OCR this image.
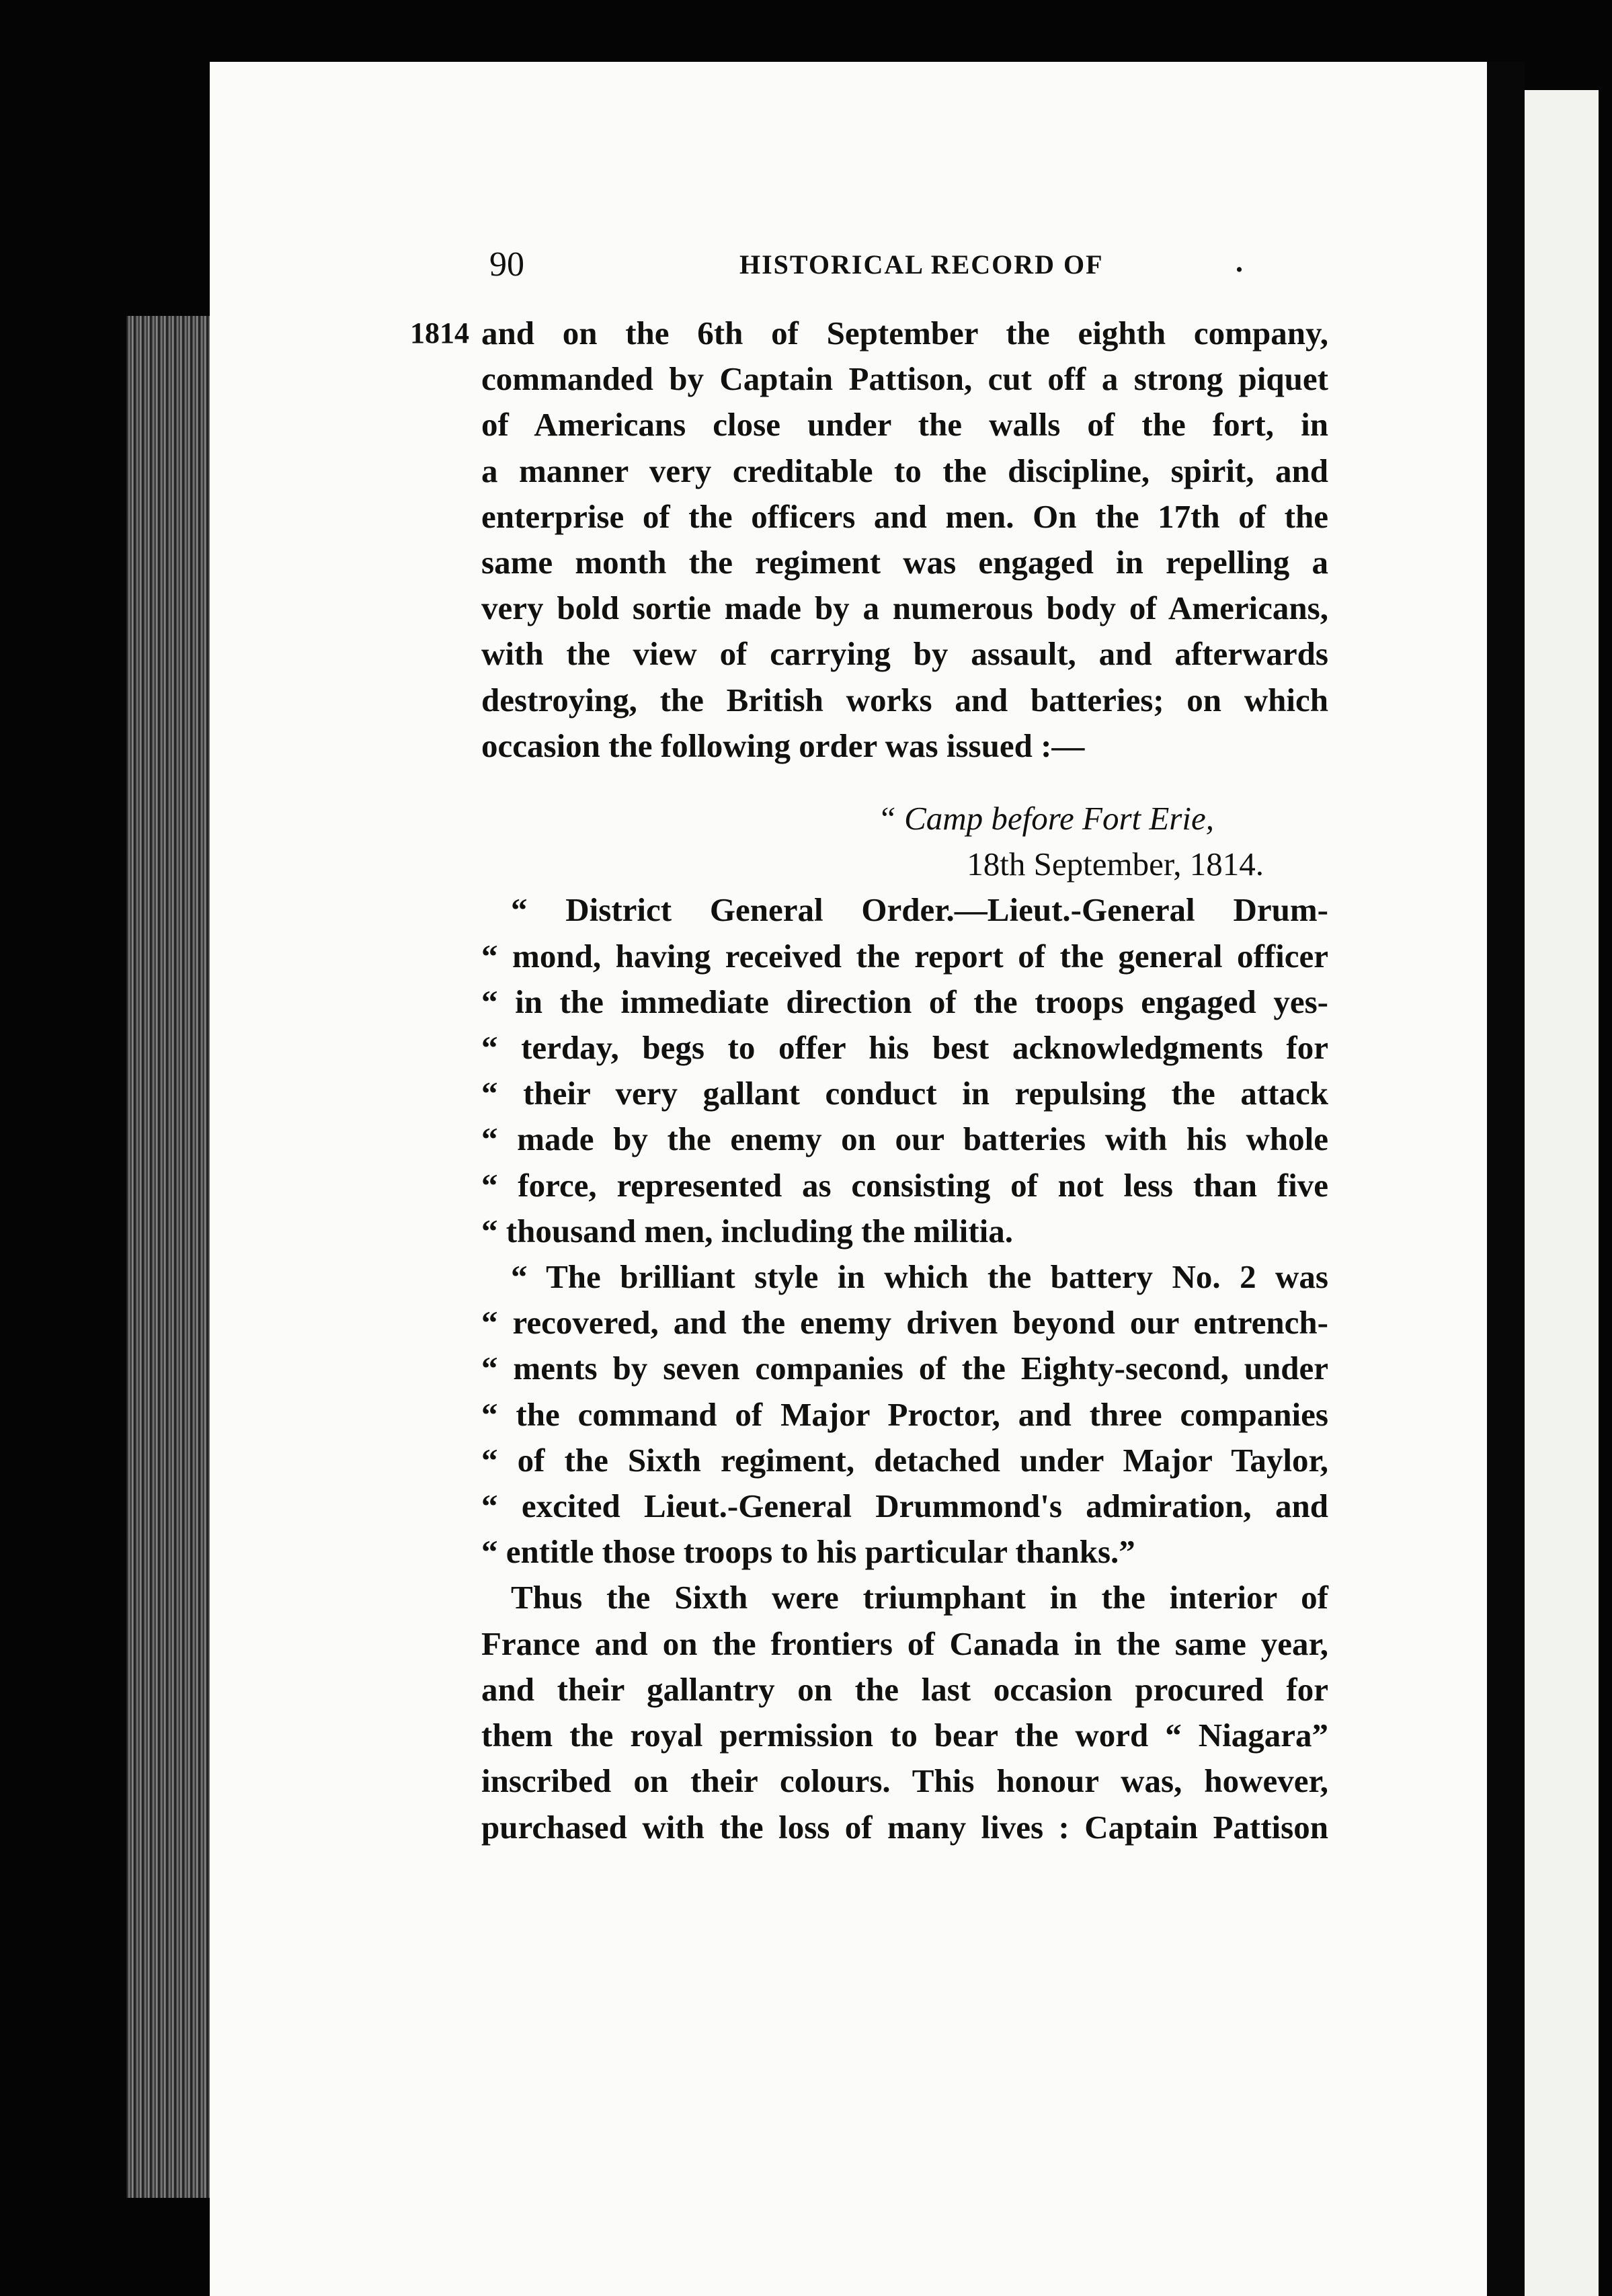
90	HISTORICAL RECORD OF	.
1814 and on the 6th of September the eighth company,
commanded by Captain Pattison, cut off a strong piquet
of Americans close under the walls of the fort, in
a manner very creditable to the discipline, spirit, and
enterprise of the officers and men. On the 17th of the
same month the regiment was engaged in repelling a
very bold sortie made by a numerous body of Americans,
with the view of carrying by assault, and afterwards
destroying, the British works and batteries; on which
occasion the following order was issued :—
“ Camp before Fort Erie,
18th September, 1814.
“ District General Order.—Lieut.-General Drum-
“ mond, having received the report of the general officer
“ in the immediate direction of the troops engaged yes-
“ terday, begs to offer his best acknowledgments for
“ their very gallant conduct in repulsing the attack
“ made by the enemy on our batteries with his whole
“ force, represented as consisting of not less than five
“ thousand men, including the militia.
“ The brilliant style in which the battery No. 2 was
“ recovered, and the enemy driven beyond our entrench-
“ ments by seven companies of the Eighty-second, under
“ the command of Major Proctor, and three companies
“ of the Sixth regiment, detached under Major Taylor,
“ excited Lieut.-General Drummond's admiration, and
“ entitle those troops to his particular thanks.”
Thus the Sixth were triumphant in the interior of
France and on the frontiers of Canada in the same year,
and their gallantry on the last occasion procured for
them the royal permission to bear the word “ Niagara”
inscribed on their colours. This honour was, however,
purchased with the loss of many lives : Captain Pattison
